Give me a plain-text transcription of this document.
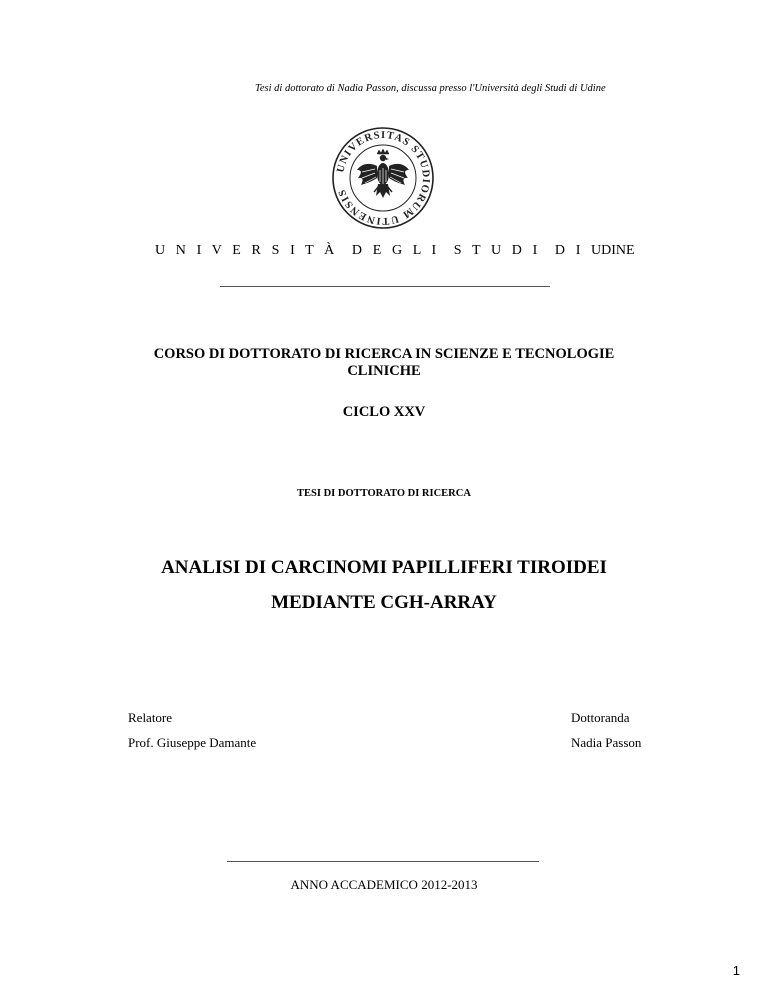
Tesi di dottorato di Nadia Passon, discussa presso l'Università degli Studi di Udine
UNIVERSITAS STUDIORUM UTINENSIS
U N I V E R S I T À D E G L I S T U D I D I UDINE
CORSO DI DOTTORATO DI RICERCA IN SCIENZE E TECNOLOGIE
CLINICHE
CICLO XXV
TESI DI DOTTORATO DI RICERCA
ANALISI DI CARCINOMI PAPILLIFERI TIROIDEI
MEDIANTE CGH-ARRAY
Relatore
Prof. Giuseppe Damante
Dottoranda
Nadia Passon
ANNO ACCADEMICO 2012-2013
1
